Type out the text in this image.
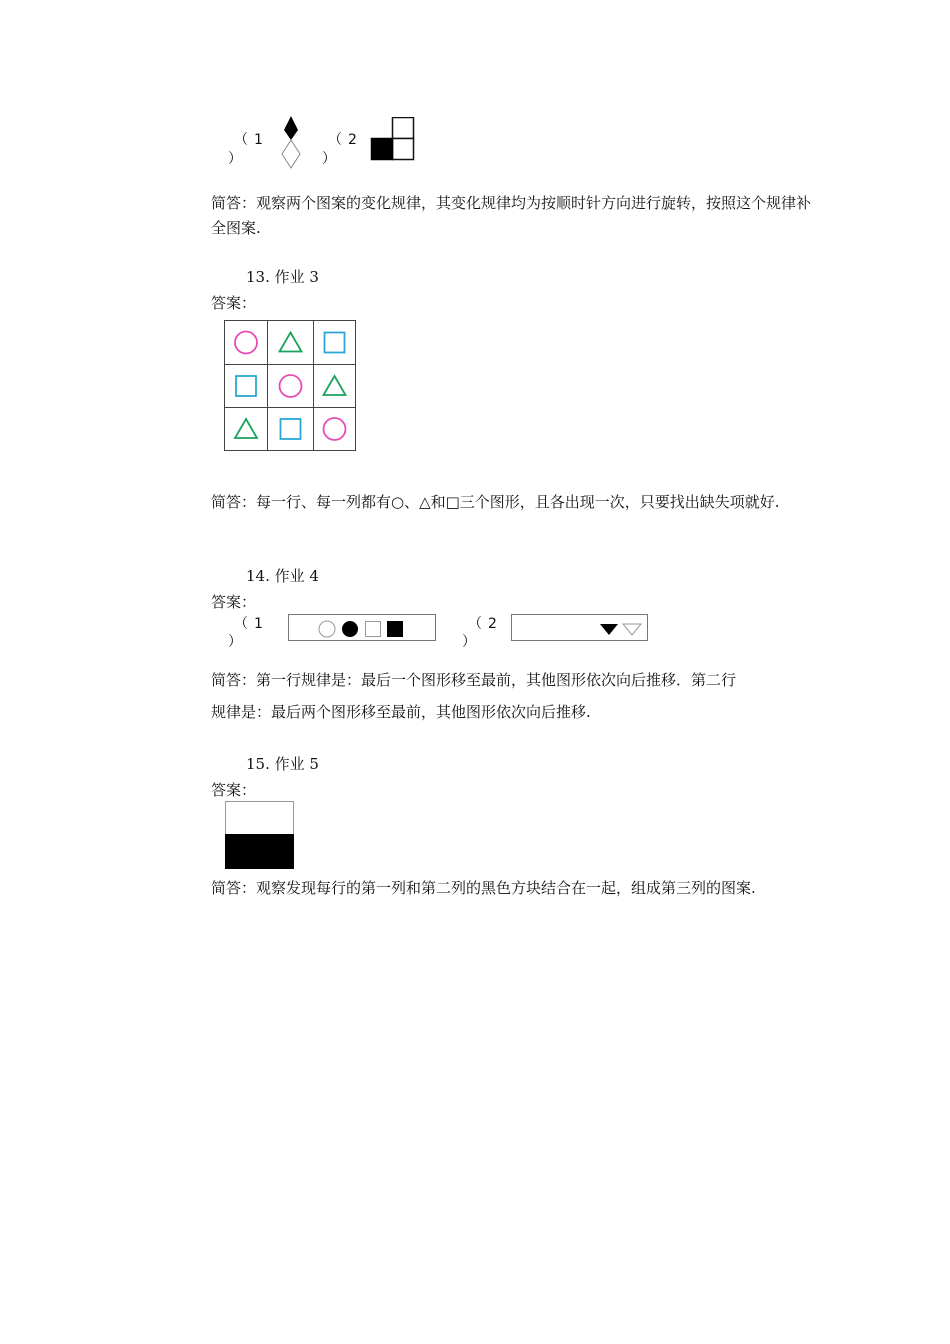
（ 1
）
（ 2
）
简答：观察两个图案的变化规律，其变化规律均为按顺时针方向进行旋转，按照这个规律补全图案.
13. 作业 3
答案：
简答：每一行、每一列都有○、△和□三个图形，且各出现一次，只要找出缺失项就好.
14. 作业 4
答案：
（ 1
）
（ 2
）
简答：第一行规律是：最后一个图形移至最前，其他图形依次向后推移．第二行
规律是：最后两个图形移至最前，其他图形依次向后推移.
15. 作业 5
答案：
简答：观察发现每行的第一列和第二列的黑色方块结合在一起，组成第三列的图案.
